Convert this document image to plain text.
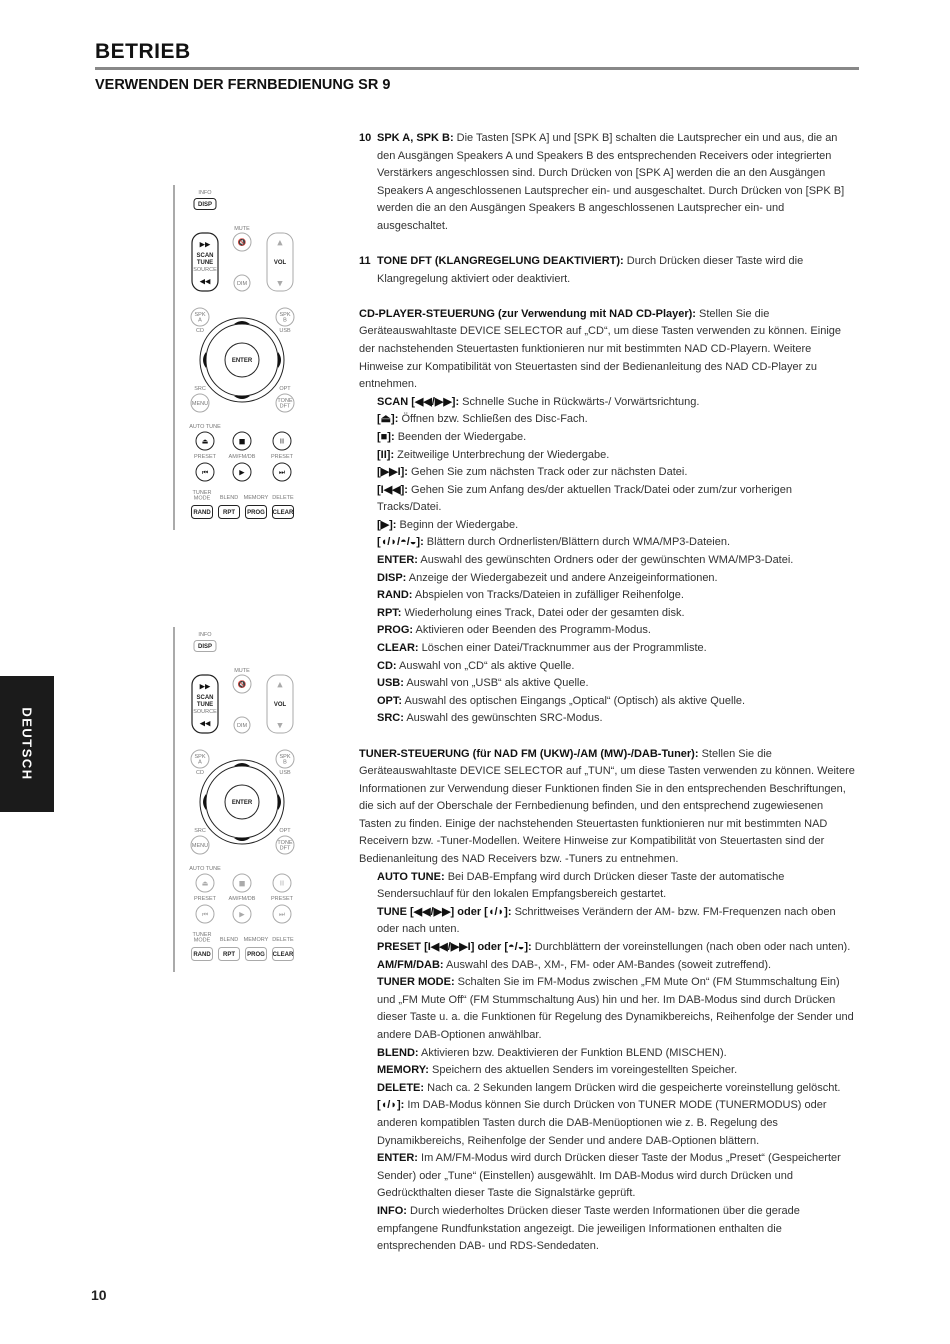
BETRIEB
VERWENDEN DER FERNBEDIENUNG SR 9
DEUTSCH
INFO
DISP
MUTE
🔇
▶▶
SCAN
TUNE
SOURCE
◀◀
▲
VOL
▼
DIM
SPK
A
CD
SPK
B
USB
ENTER
SRC
MENU
OPT
TONE
DFT
AUTO TUNE
⏏	■	II
PRESET AM/FM/DB	PRESET
⏮	▶	⏭
TUNER
MODE BLEND MEMORY DELETE
RAND RPT PROG CLEAR
INFO
DISP
MUTE
🔇
▶▶
SCAN
TUNE
SOURCE
◀◀
▲
VOL
▼
DIM
SPK
A
CD
SPK
B
USB
ENTER
SRC
MENU
OPT
TONE
DFT
AUTO TUNE
⏏	■	II
PRESET AM/FM/DB	PRESET
⏮	▶	⏭
TUNER
MODE BLEND MEMORY DELETE
RAND RPT PROG CLEAR

10 SPK A, SPK B: Die Tasten [SPK A] und [SPK B] schalten die Lautsprecher ein und aus, die an den Ausgängen Speakers A und Speakers B des entsprechenden Receivers oder integrierten Verstärkers angeschlossen sind. Durch Drücken von [SPK A] werden die an den Ausgängen Speakers A angeschlossenen Lautsprecher ein- und ausgeschaltet. Durch Drücken von [SPK B] werden die an den Ausgängen Speakers B angeschlossenen Lautsprecher ein- und ausgeschaltet.

11 TONE DFT (KLANGREGELUNG DEAKTIVIERT): Durch Drücken dieser Taste wird die Klangregelung aktiviert oder deaktiviert.

CD-PLAYER-STEUERUNG (zur Verwendung mit NAD CD-Player): Stellen Sie die Geräteauswahltaste DEVICE SELECTOR auf „CD“, um diese Tasten verwenden zu können. Einige der nachstehenden Steuertasten funktionieren nur mit bestimmten NAD CD-Playern. Weitere Hinweise zur Kompatibilität von Steuertasten sind der Bedienanleitung des NAD CD-Player zu entnehmen.

SCAN [◀◀/▶▶]: Schnelle Suche in Rückwärts-/ Vorwärtsrichtung.

[⏏]: Öffnen bzw. Schließen des Disc-Fach.

[■]: Beenden der Wiedergabe.

[II]: Zeitweilige Unterbrechung der Wiedergabe.

[▶▶I]: Gehen Sie zum nächsten Track oder zur nächsten Datei.

[I◀◀]: Gehen Sie zum Anfang des/der aktuellen Track/Datei oder zum/zur vorherigen Tracks/Datei.

[▶]: Beginn der Wiedergabe.

[◖/◗/◓/◒]: Blättern durch Ordnerlisten/Blättern durch WMA/MP3-Dateien.

ENTER: Auswahl des gewünschten Ordners oder der gewünschten WMA/MP3-Datei.

DISP: Anzeige der Wiedergabezeit und andere Anzeigeinformationen.

RAND: Abspielen von Tracks/Dateien in zufälliger Reihenfolge.

RPT: Wiederholung eines Track, Datei oder der gesamten disk.

PROG: Aktivieren oder Beenden des Programm-Modus.

CLEAR: Löschen einer Datei/Tracknummer aus der Programmliste.

CD: Auswahl von „CD“ als aktive Quelle.

USB: Auswahl von „USB“ als aktive Quelle.

OPT: Auswahl des optischen Eingangs „Optical“ (Optisch) als aktive Quelle.

SRC: Auswahl des gewünschten SRC-Modus.

TUNER-STEUERUNG (für NAD FM (UKW)-/AM (MW)-/DAB-Tuner): Stellen Sie die Geräteauswahltaste DEVICE SELECTOR auf „TUN“, um diese Tasten verwenden zu können. Weitere Informationen zur Verwendung dieser Funktionen finden Sie in den entsprechenden Beschriftungen, die sich auf der Oberschale der Fernbedienung befinden, und den entsprechend zugewiesenen Tasten zu finden. Einige der nachstehenden Steuertasten funktionieren nur mit bestimmten NAD Receivern bzw. -Tuner-Modellen. Weitere Hinweise zur Kompatibilität von Steuertasten sind der Bedienanleitung des NAD Receivers bzw. -Tuners zu entnehmen.

AUTO TUNE: Bei DAB-Empfang wird durch Drücken dieser Taste der automatische Sendersuchlauf für den lokalen Empfangsbereich gestartet.

TUNE [◀◀/▶▶] oder [◖/◗]: Schrittweises Verändern der AM- bzw. FM-Frequenzen nach oben oder nach unten.

PRESET [I◀◀/▶▶I] oder [◓/◒]: Durchblättern der voreinstellungen (nach oben oder nach unten).

AM/FM/DAB: Auswahl des DAB-, XM-, FM- oder AM-Bandes (soweit zutreffend).

TUNER MODE: Schalten Sie im FM-Modus zwischen „FM Mute On“ (FM Stummschaltung Ein) und „FM Mute Off“ (FM Stummschaltung Aus) hin und her. Im DAB-Modus sind durch Drücken dieser Taste u. a. die Funktionen für Regelung des Dynamikbereichs, Reihenfolge der Sender und andere DAB-Optionen anwählbar.

BLEND: Aktivieren bzw. Deaktivieren der Funktion BLEND (MISCHEN).

MEMORY: Speichern des aktuellen Senders im voreingestellten Speicher.

DELETE: Nach ca. 2 Sekunden langem Drücken wird die gespeicherte voreinstellung gelöscht.

[◖/◗]: Im DAB-Modus können Sie durch Drücken von TUNER MODE (TUNERMODUS) oder anderen kompatiblen Tasten durch die DAB-Menüoptionen wie z. B. Regelung des Dynamikbereichs, Reihenfolge der Sender und andere DAB-Optionen blättern.

ENTER: Im AM/FM-Modus wird durch Drücken dieser Taste der Modus „Preset“ (Gespeicherter Sender) oder „Tune“ (Einstellen) ausgewählt. Im DAB-Modus wird durch Drücken und Gedrückthalten dieser Taste die Signalstärke geprüft.

INFO: Durch wiederholtes Drücken dieser Taste werden Informationen über die gerade empfangene Rundfunkstation angezeigt. Die jeweiligen Informationen enthalten die entsprechenden DAB- und RDS-Sendedaten.

10
